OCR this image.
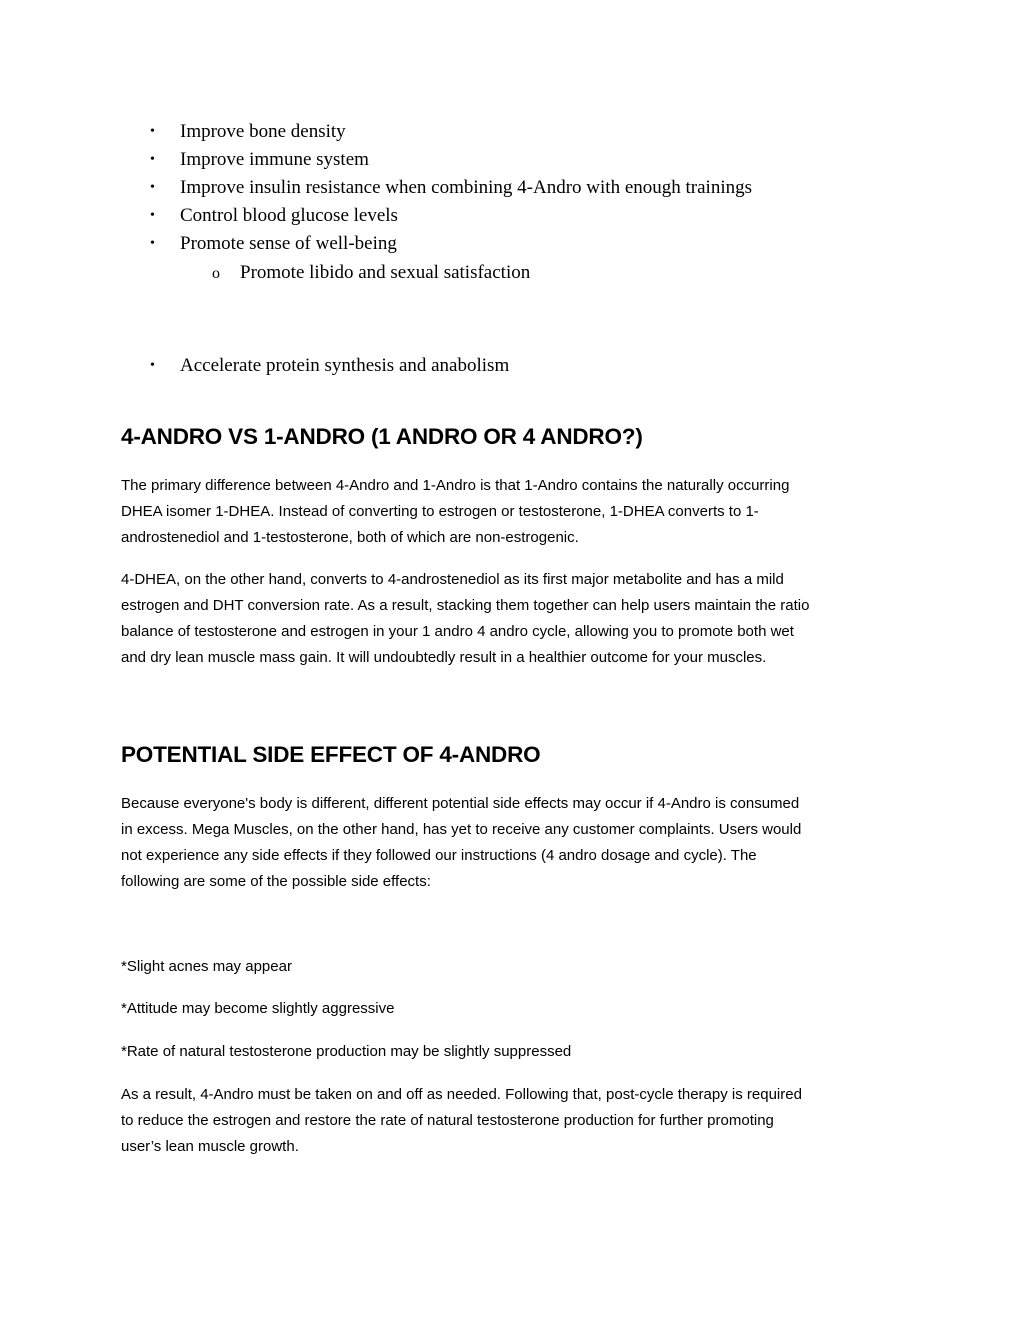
• Improve bone density
• Improve immune system
• Improve insulin resistance when combining 4-Andro with enough trainings
• Control blood glucose levels
• Promote sense of well-being
o Promote libido and sexual satisfaction
• Accelerate protein synthesis and anabolism
4-ANDRO VS 1-ANDRO (1 ANDRO OR 4 ANDRO?)

The primary difference between 4-Andro and 1-Andro is that 1-Andro contains the naturally occurring
DHEA isomer 1-DHEA. Instead of converting to estrogen or testosterone, 1-DHEA converts to 1-
androstenediol and 1-testosterone, both of which are non-estrogenic.

4-DHEA, on the other hand, converts to 4-androstenediol as its first major metabolite and has a mild
estrogen and DHT conversion rate. As a result, stacking them together can help users maintain the ratio
balance of testosterone and estrogen in your 1 andro 4 andro cycle, allowing you to promote both wet
and dry lean muscle mass gain. It will undoubtedly result in a healthier outcome for your muscles.

POTENTIAL SIDE EFFECT OF 4-ANDRO

Because everyone's body is different, different potential side effects may occur if 4-Andro is consumed
in excess. Mega Muscles, on the other hand, has yet to receive any customer complaints. Users would
not experience any side effects if they followed our instructions (4 andro dosage and cycle). The
following are some of the possible side effects:

*Slight acnes may appear

*Attitude may become slightly aggressive

*Rate of natural testosterone production may be slightly suppressed

As a result, 4-Andro must be taken on and off as needed. Following that, post-cycle therapy is required
to reduce the estrogen and restore the rate of natural testosterone production for further promoting
user’s lean muscle growth.
